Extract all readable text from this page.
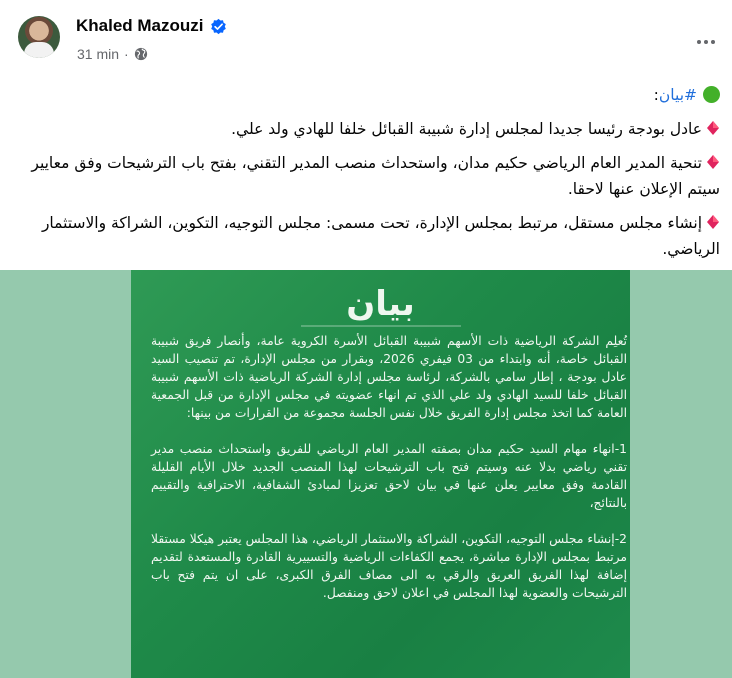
Khaled Mazouzi
31 min ·
#بيان:
عادل بودجة رئيسا جديدا لمجلس إدارة شبيبة القبائل خلفا للهادي ولد علي.
تنحية المدير العام الرياضي حكيم مدان، واستحداث منصب المدير التقني، بفتح باب الترشيحات وفق معايير سيتم الإعلان عنها لاحقا.
إنشاء مجلس مستقل، مرتبط بمجلس الإدارة، تحت مسمى: مجلس التوجيه، التكوين، الشراكة والاستثمار الرياضي.
بيان

تُعلِم الشركة الرياضية ذات الأسهم شبيبة القبائل الأسرة الكروية عامة، وأنصار فريق شبيبة القبائل خاصة، أنه وابتداء من 03 فيفري 2026، وبقرار من مجلس الإدارة، تم تنصيب السيد عادل بودجة ، إطار سامي بالشركة، لرئاسة مجلس إدارة الشركة الرياضية ذات الأسهم شبيبة القبائل خلفا للسيد الهادي ولد علي الذي تم انهاء عضويته في مجلس الإدارة من قبل الجمعية العامة كما اتخذ مجلس إدارة الفريق خلال نفس الجلسة مجموعة من القرارات من بينها:

1-انهاء مهام السيد حكيم مدان بصفته المدير العام الرياضي للفريق واستحداث منصب مدير تقني رياضي بدلا عنه وسيتم فتح باب الترشيحات لهذا المنصب الجديد خلال الأيام القليلة القادمة وفق معايير يعلن عنها في بيان لاحق تعزيزا لمبادئ الشفافية، الاحترافية والتقييم بالنتائج،

2-إنشاء مجلس التوجيه، التكوين، الشراكة والاستثمار الرياضي، هذا المجلس يعتبر هيكلا مستقلا مرتبط بمجلس الإدارة مباشرة، يجمع الكفاءات الرياضية والتسييرية القادرة والمستعدة لتقديم إضافة لهذا الفريق العريق والرقي به الى مصاف الفرق الكبرى، على ان يتم فتح باب الترشيحات والعضوية لهذا المجلس في اعلان لاحق ومنفصل.
